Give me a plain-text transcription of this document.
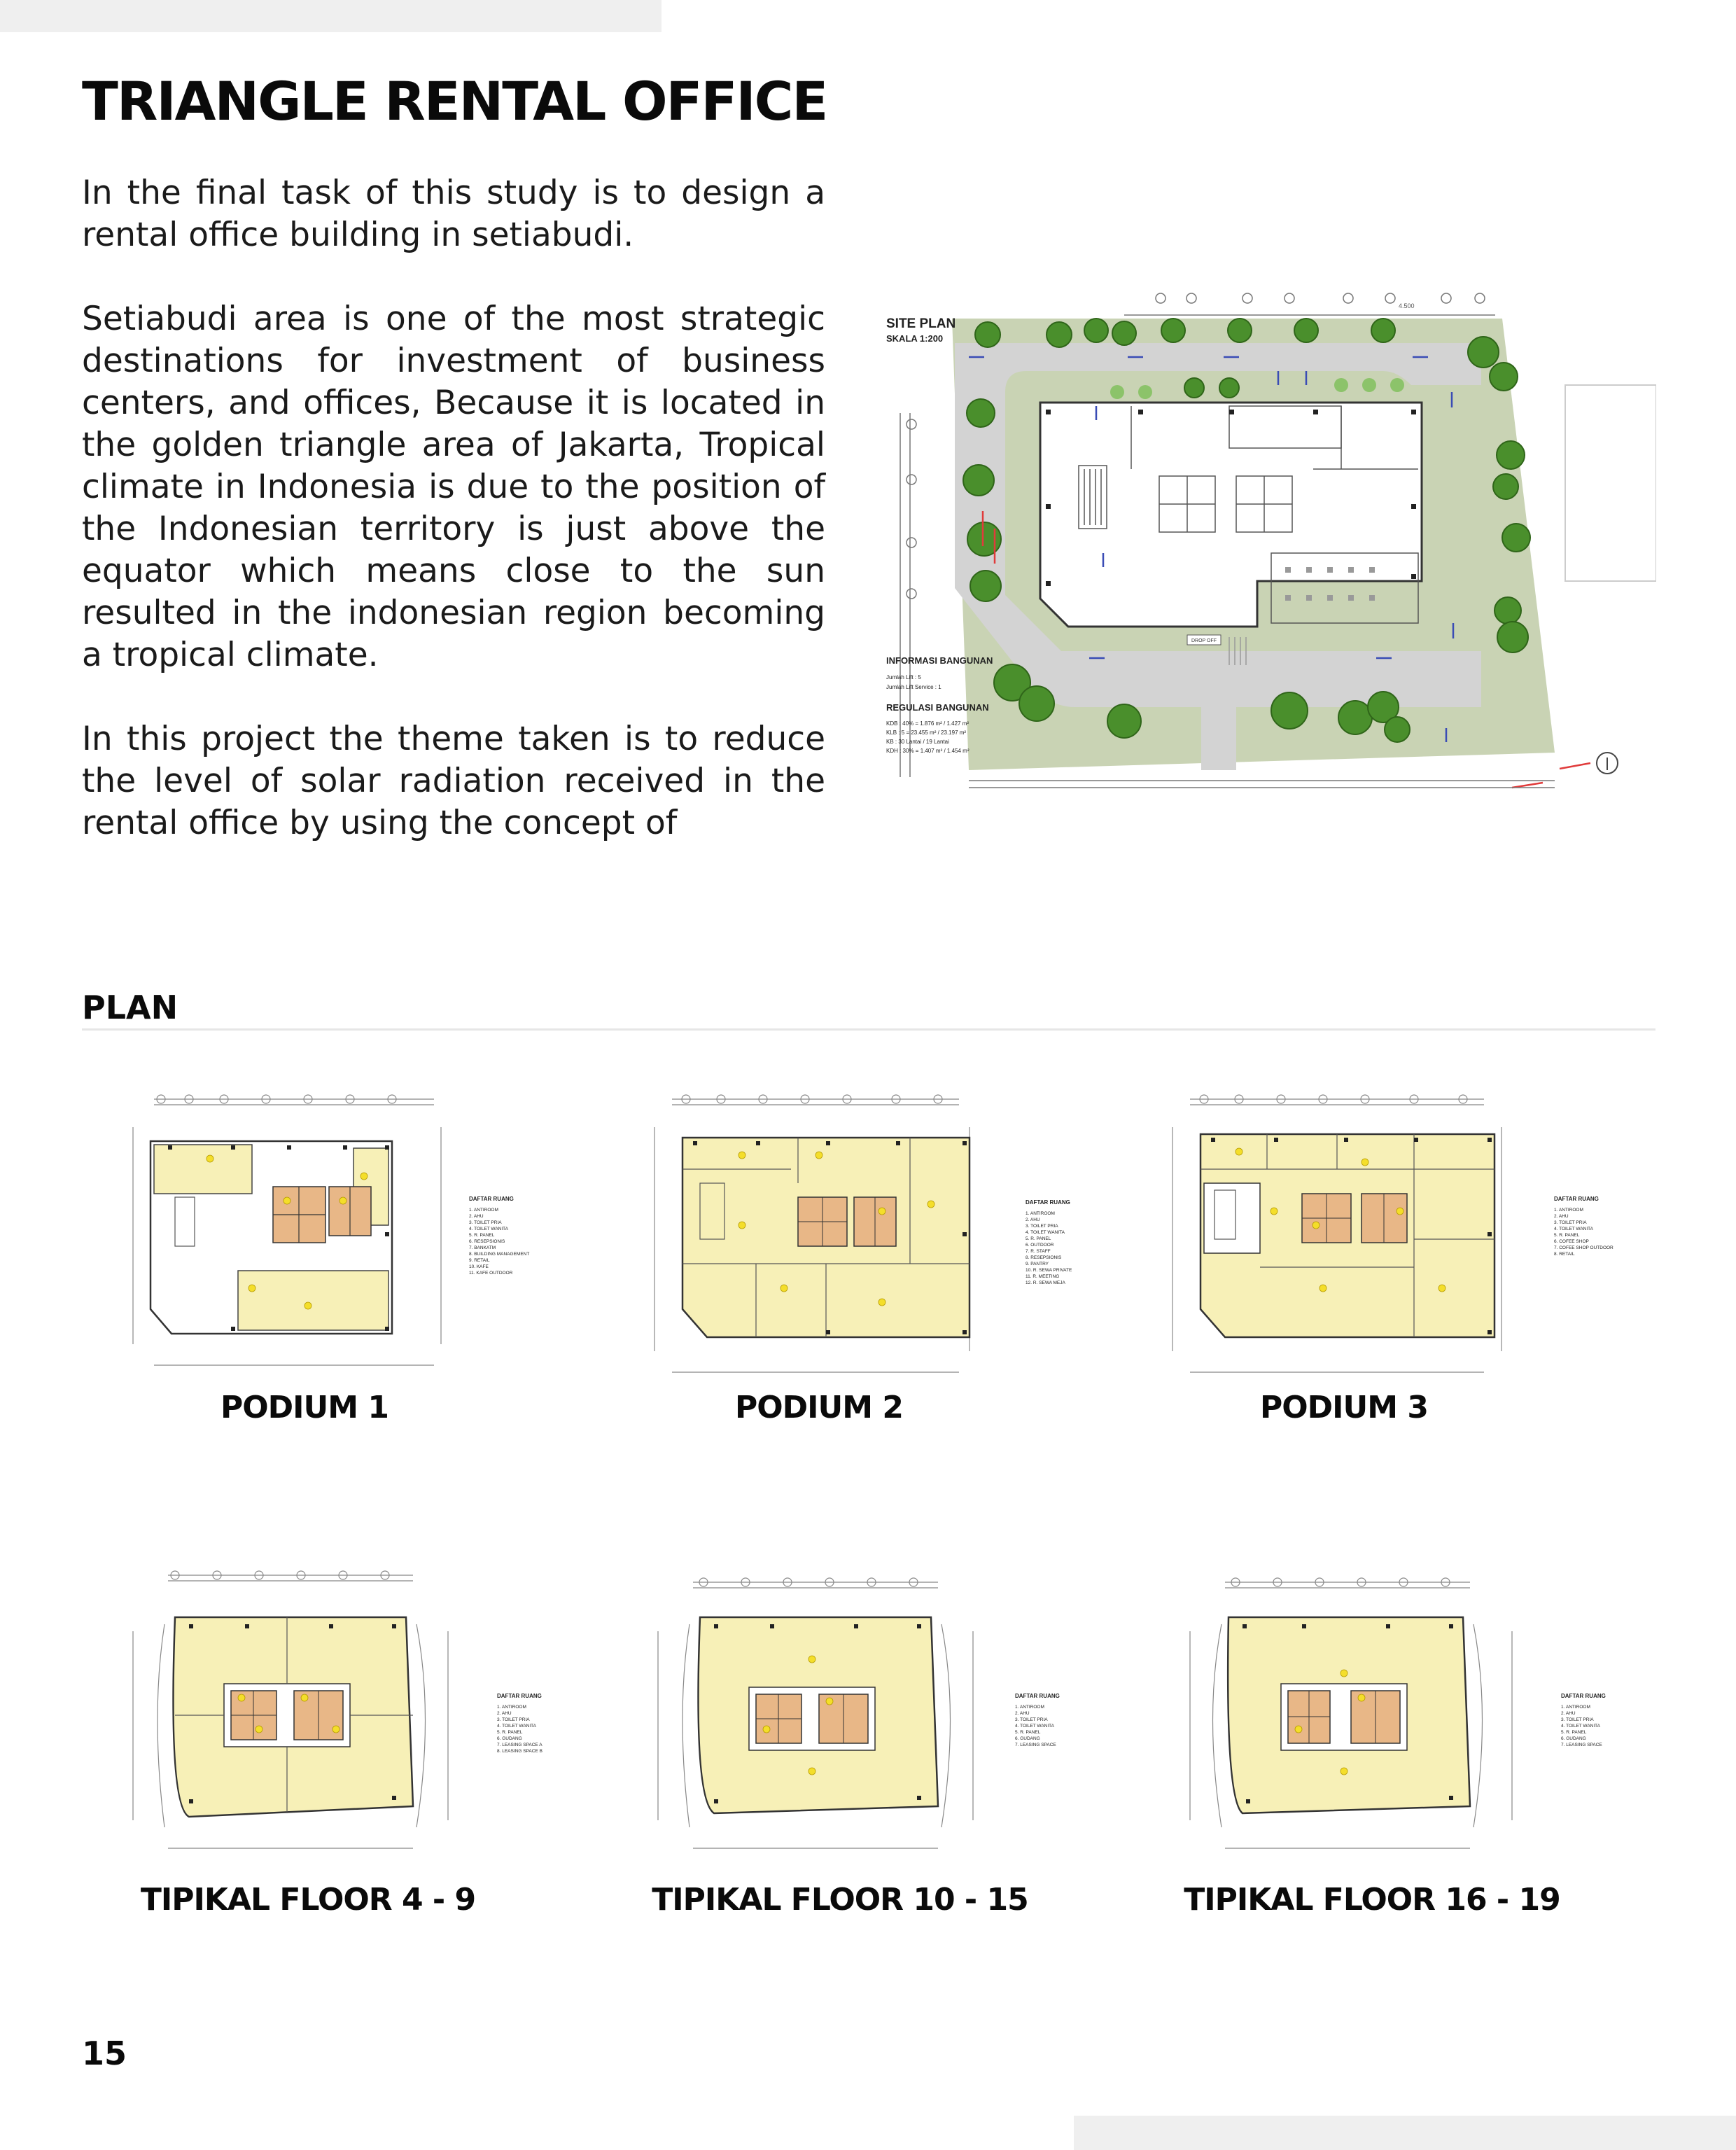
TRIANGLE RENTAL OFFICE

In the final task of this study is to design a rental office building in setiabudi.

Setiabudi area is one of the most strategic destinations for investment of business centers, and offices, Because it is located in the golden triangle area of Jakarta, Tropical climate in Indonesia is due to the position of the Indonesian territory is just above the equator which means close to the sun resulted in the indonesian region becoming a tropical climate.

In this project the theme taken is to reduce the level of solar radiation received in the rental office by using the concept of

4.500
DROP OFF
SITE PLAN
SKALA 1:200
INFORMASI BANGUNAN
Jumlah Lift : 5
Jumlah Lift Service : 1
REGULASI BANGUNAN
KDB : 40% = 1.876 m² / 1.427 m²
KLB : 5 = 23.455 m² / 23.197 m²
KB : 30 Lantai / 19 Lantai
KDH : 30% = 1.407 m² / 1.454 m²
PLAN
DAFTAR RUANG
1. ANTIROOM
2. AHU
3. TOILET PRIA
4. TOILET WANITA
5. R. PANEL
6. RESEPSIONIS
7. BANKATM
8. BUILDING MANAGEMENT
9. RETAIL
10. KAFE
11. KAFE OUTDOOR
PODIUM 1
DAFTAR RUANG
1. ANTIROOM
2. AHU
3. TOILET PRIA
4. TOILET WANITA
5. R. PANEL
6. OUTDOOR
7. R. STAFF
8. RESEPSIONIS
9. PANTRY
10. R. SEWA PRIVATE
11. R. MEETING
12. R. SEWA MEJA
PODIUM 2
DAFTAR RUANG
1. ANTIROOM
2. AHU
3. TOILET PRIA
4. TOILET WANITA
5. R. PANEL
6. COFEE SHOP
7. COFEE SHOP OUTDOOR
8. RETAIL
PODIUM 3
DAFTAR RUANG
1. ANTIROOM
2. AHU
3. TOILET PRIA
4. TOILET WANITA
5. R. PANEL
6. GUDANG
7. LEASING SPACE A
8. LEASING SPACE B
TIPIKAL FLOOR 4 - 9
DAFTAR RUANG
1. ANTIROOM
2. AHU
3. TOILET PRIA
4. TOILET WANITA
5. R. PANEL
6. GUDANG
7. LEASING SPACE
TIPIKAL FLOOR 10 - 15
DAFTAR RUANG
1. ANTIROOM
2. AHU
3. TOILET PRIA
4. TOILET WANITA
5. R. PANEL
6. GUDANG
7. LEASING SPACE
TIPIKAL FLOOR 16 - 19
15
